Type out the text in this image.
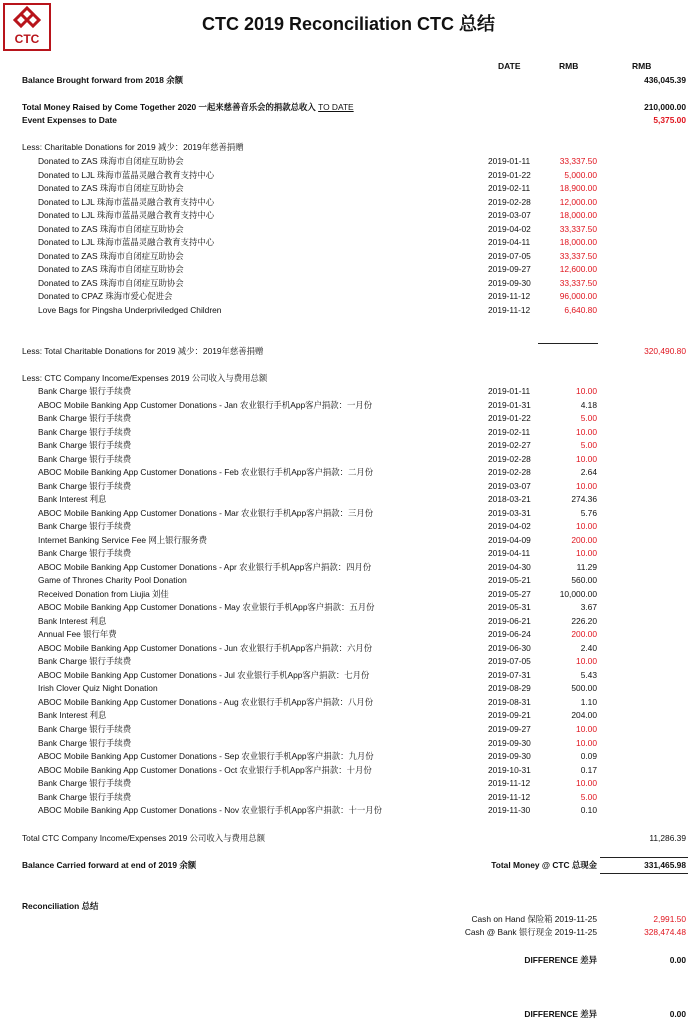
CTC
CTC 2019 Reconciliation CTC 总结
DATE	RMB	RMB
Balance Brought forward from 2018 余额	436,045.39
Total Money Raised by Come Together 2020 一起来慈善音乐会的捐款总收入 TO DATE	210,000.00
Event Expenses to Date	5,375.00
Less: Charitable Donations for 2019 减少：2019年慈善捐赠
Donated to ZAS 珠海市自闭症互助协会	2019-01-11	33,337.50
Donated to LJL 珠海市蓝晶灵融合教育支持中心	2019-01-22	5,000.00
Donated to ZAS 珠海市自闭症互助协会	2019-02-11	18,900.00
Donated to LJL 珠海市蓝晶灵融合教育支持中心	2019-02-28	12,000.00
Donated to LJL 珠海市蓝晶灵融合教育支持中心	2019-03-07	18,000.00
Donated to ZAS 珠海市自闭症互助协会	2019-04-02	33,337.50
Donated to LJL 珠海市蓝晶灵融合教育支持中心	2019-04-11	18,000.00
Donated to ZAS 珠海市自闭症互助协会	2019-07-05	33,337.50
Donated to ZAS 珠海市自闭症互助协会	2019-09-27	12,600.00
Donated to ZAS 珠海市自闭症互助协会	2019-09-30	33,337.50
Donated to CPAZ 珠海市爱心促进会	2019-11-12	96,000.00
Love Bags for Pingsha Underpriviledged Children	2019-11-12	6,640.80
Less: Total Charitable Donations for 2019 减少：2019年慈善捐赠	320,490.80
Less: CTC Company Income/Expenses 2019 公司收入与费用总额
Bank Charge 银行手续费	2019-01-11	10.00
ABOC Mobile Banking App Customer Donations - Jan 农业银行手机App客户捐款：一月份	2019-01-31	4.18
Bank Charge 银行手续费	2019-01-22	5.00
Bank Charge 银行手续费	2019-02-11	10.00
Bank Charge 银行手续费	2019-02-27	5.00
Bank Charge 银行手续费	2019-02-28	10.00
ABOC Mobile Banking App Customer Donations - Feb 农业银行手机App客户捐款：二月份	2019-02-28	2.64
Bank Charge 银行手续费	2019-03-07	10.00
Bank Interest 利息	2018-03-21	274.36
ABOC Mobile Banking App Customer Donations - Mar 农业银行手机App客户捐款：三月份	2019-03-31	5.76
Bank Charge 银行手续费	2019-04-02	10.00
Internet Banking Service Fee 网上银行服务费	2019-04-09	200.00
Bank Charge 银行手续费	2019-04-11	10.00
ABOC Mobile Banking App Customer Donations - Apr 农业银行手机App客户捐款：四月份	2019-04-30	11.29
Game of Thrones Charity Pool Donation	2019-05-21	560.00
Received Donation from Liujia 刘佳	2019-05-27	10,000.00
ABOC Mobile Banking App Customer Donations - May 农业银行手机App客户捐款：五月份	2019-05-31	3.67
Bank Interest 利息	2019-06-21	226.20
Annual Fee 银行年费	2019-06-24	200.00
ABOC Mobile Banking App Customer Donations - Jun 农业银行手机App客户捐款：六月份	2019-06-30	2.40
Bank Charge 银行手续费	2019-07-05	10.00
ABOC Mobile Banking App Customer Donations - Jul 农业银行手机App客户捐款：七月份	2019-07-31	5.43
Irish Clover Quiz Night Donation	2019-08-29	500.00
ABOC Mobile Banking App Customer Donations - Aug 农业银行手机App客户捐款：八月份	2019-08-31	1.10
Bank Interest 利息	2019-09-21	204.00
Bank Charge 银行手续费	2019-09-27	10.00
Bank Charge 银行手续费	2019-09-30	10.00
ABOC Mobile Banking App Customer Donations - Sep 农业银行手机App客户捐款：九月份	2019-09-30	0.09
ABOC Mobile Banking App Customer Donations - Oct 农业银行手机App客户捐款：十月份	2019-10-31	0.17
Bank Charge 银行手续费	2019-11-12	10.00
Bank Charge 银行手续费	2019-11-12	5.00
ABOC Mobile Banking App Customer Donations - Nov 农业银行手机App客户捐款：十一月份	2019-11-30	0.10
Total CTC Company Income/Expenses 2019 公司收入与费用总额	11,286.39
Balance Carried forward at end of 2019 余额	Total Money @ CTC 总现金	331,465.98
Reconciliation 总结
Cash on Hand 保险箱 2019-11-25	2,991.50
Cash @ Bank 银行现金 2019-11-25	328,474.48
DIFFERENCE 差异	0.00
DIFFERENCE 差异	0.00
